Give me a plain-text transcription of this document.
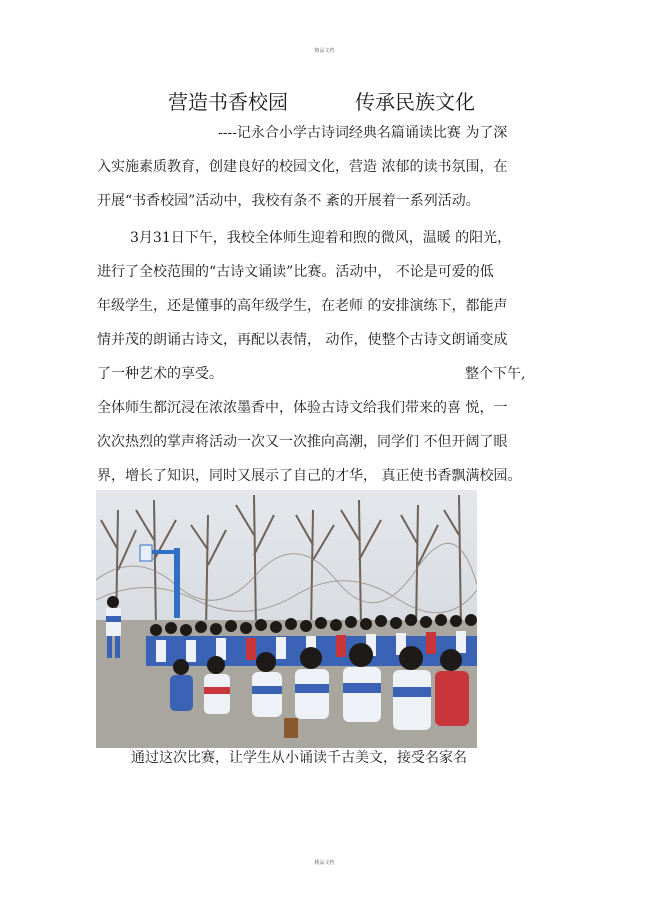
精品文档
营造书香校园	传承民族文化
----记永合小学古诗词经典名篇诵读比赛 为了深
入实施素质教育，创建良好的校园文化，营造 浓郁的读书氛围，在
开展“书香校园”活动中，我校有条不 紊的开展着一系列活动。
3月31日下午，我校全体师生迎着和煦的微风，温暖 的阳光，
进行了全校范围的“古诗文诵读”比赛。活动中， 不论是可爱的低
年级学生，还是懂事的高年级学生，在老师 的安排演练下，都能声
情并茂的朗诵古诗文，再配以表情， 动作，使整个古诗文朗诵变成
了一种艺术的享受。	整个下午,
全体师生都沉浸在浓浓墨香中，体验古诗文给我们带来的喜 悦，一
次次热烈的掌声将活动一次又一次推向高潮，同学们 不但开阔了眼
界，增长了知识，同时又展示了自己的才华， 真正使书香飘满校园。
通过这次比赛，让学生从小诵读千古美文，接受名家名
精品文档
